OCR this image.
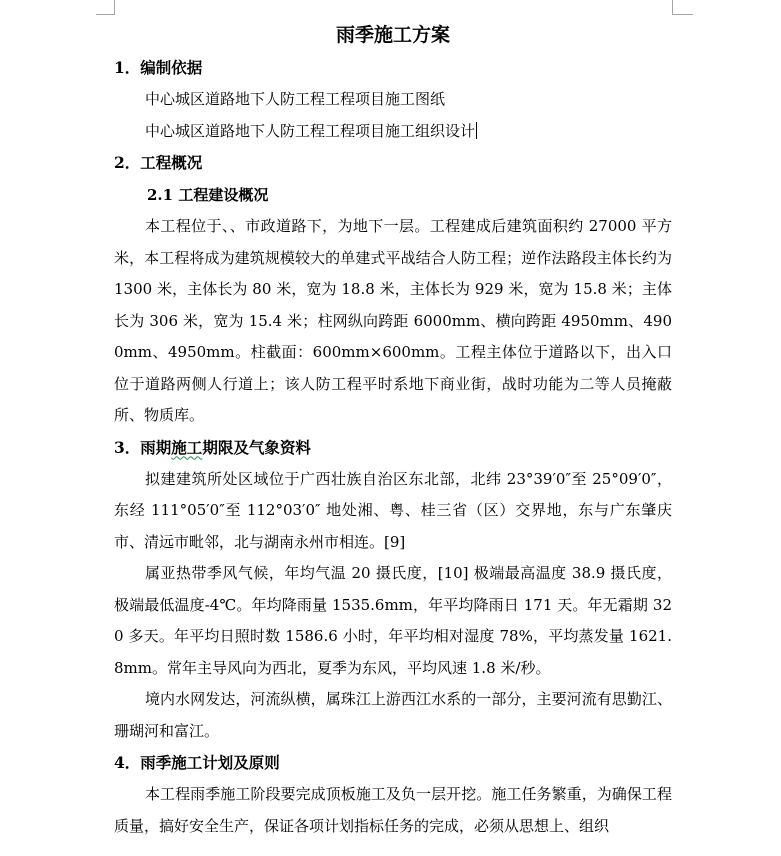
雨季施工方案
1．编制依据
中心城区道路地下人防工程工程项目施工图纸
中心城区道路地下人防工程工程项目施工组织设计
2．工程概况
2.1 工程建设概况
本工程位于、、市政道路下，为地下一层。工程建成后建筑面积约 27000 平方米，本工程将成为建筑规模较大的单建式平战结合人防工程；逆作法路段主体长约为 1300 米，主体长为 80 米，宽为 18.8 米，主体长为 929 米，宽为 15.8 米；主体长为 306 米，宽为 15.4 米；柱网纵向跨距 6000mm、横向跨距 4950mm、4900mm、4950mm。柱截面：600mm×600mm。工程主体位于道路以下，出入口位于道路两侧人行道上；该人防工程平时系地下商业街，战时功能为二等人员掩蔽所、物质库。
3．雨期施工期限及气象资料
拟建建筑所处区域位于广西壮族自治区东北部，北纬 23°39′0″至 25°09′0″，东经 111°05′0″至 112°03′0″ 地处湘、粤、桂三省（区）交界地，东与广东肇庆市、清远市毗邻，北与湖南永州市相连。[9]
属亚热带季风气候，年均气温 20 摄氏度，[10] 极端最高温度 38.9 摄氏度，极端最低温度-4℃。年均降雨量 1535.6mm，年平均降雨日 171 天。年无霜期 320 多天。年平均日照时数 1586.6 小时，年平均相对湿度 78%，平均蒸发量 1621.8mm。常年主导风向为西北，夏季为东风，平均风速 1.8 米/秒。
境内水网发达，河流纵横，属珠江上游西江水系的一部分，主要河流有思勤江、珊瑚河和富江。
4．雨季施工计划及原则
本工程雨季施工阶段要完成顶板施工及负一层开挖。施工任务繁重，为确保工程质量，搞好安全生产，保证各项计划指标任务的完成，必须从思想上、组织
